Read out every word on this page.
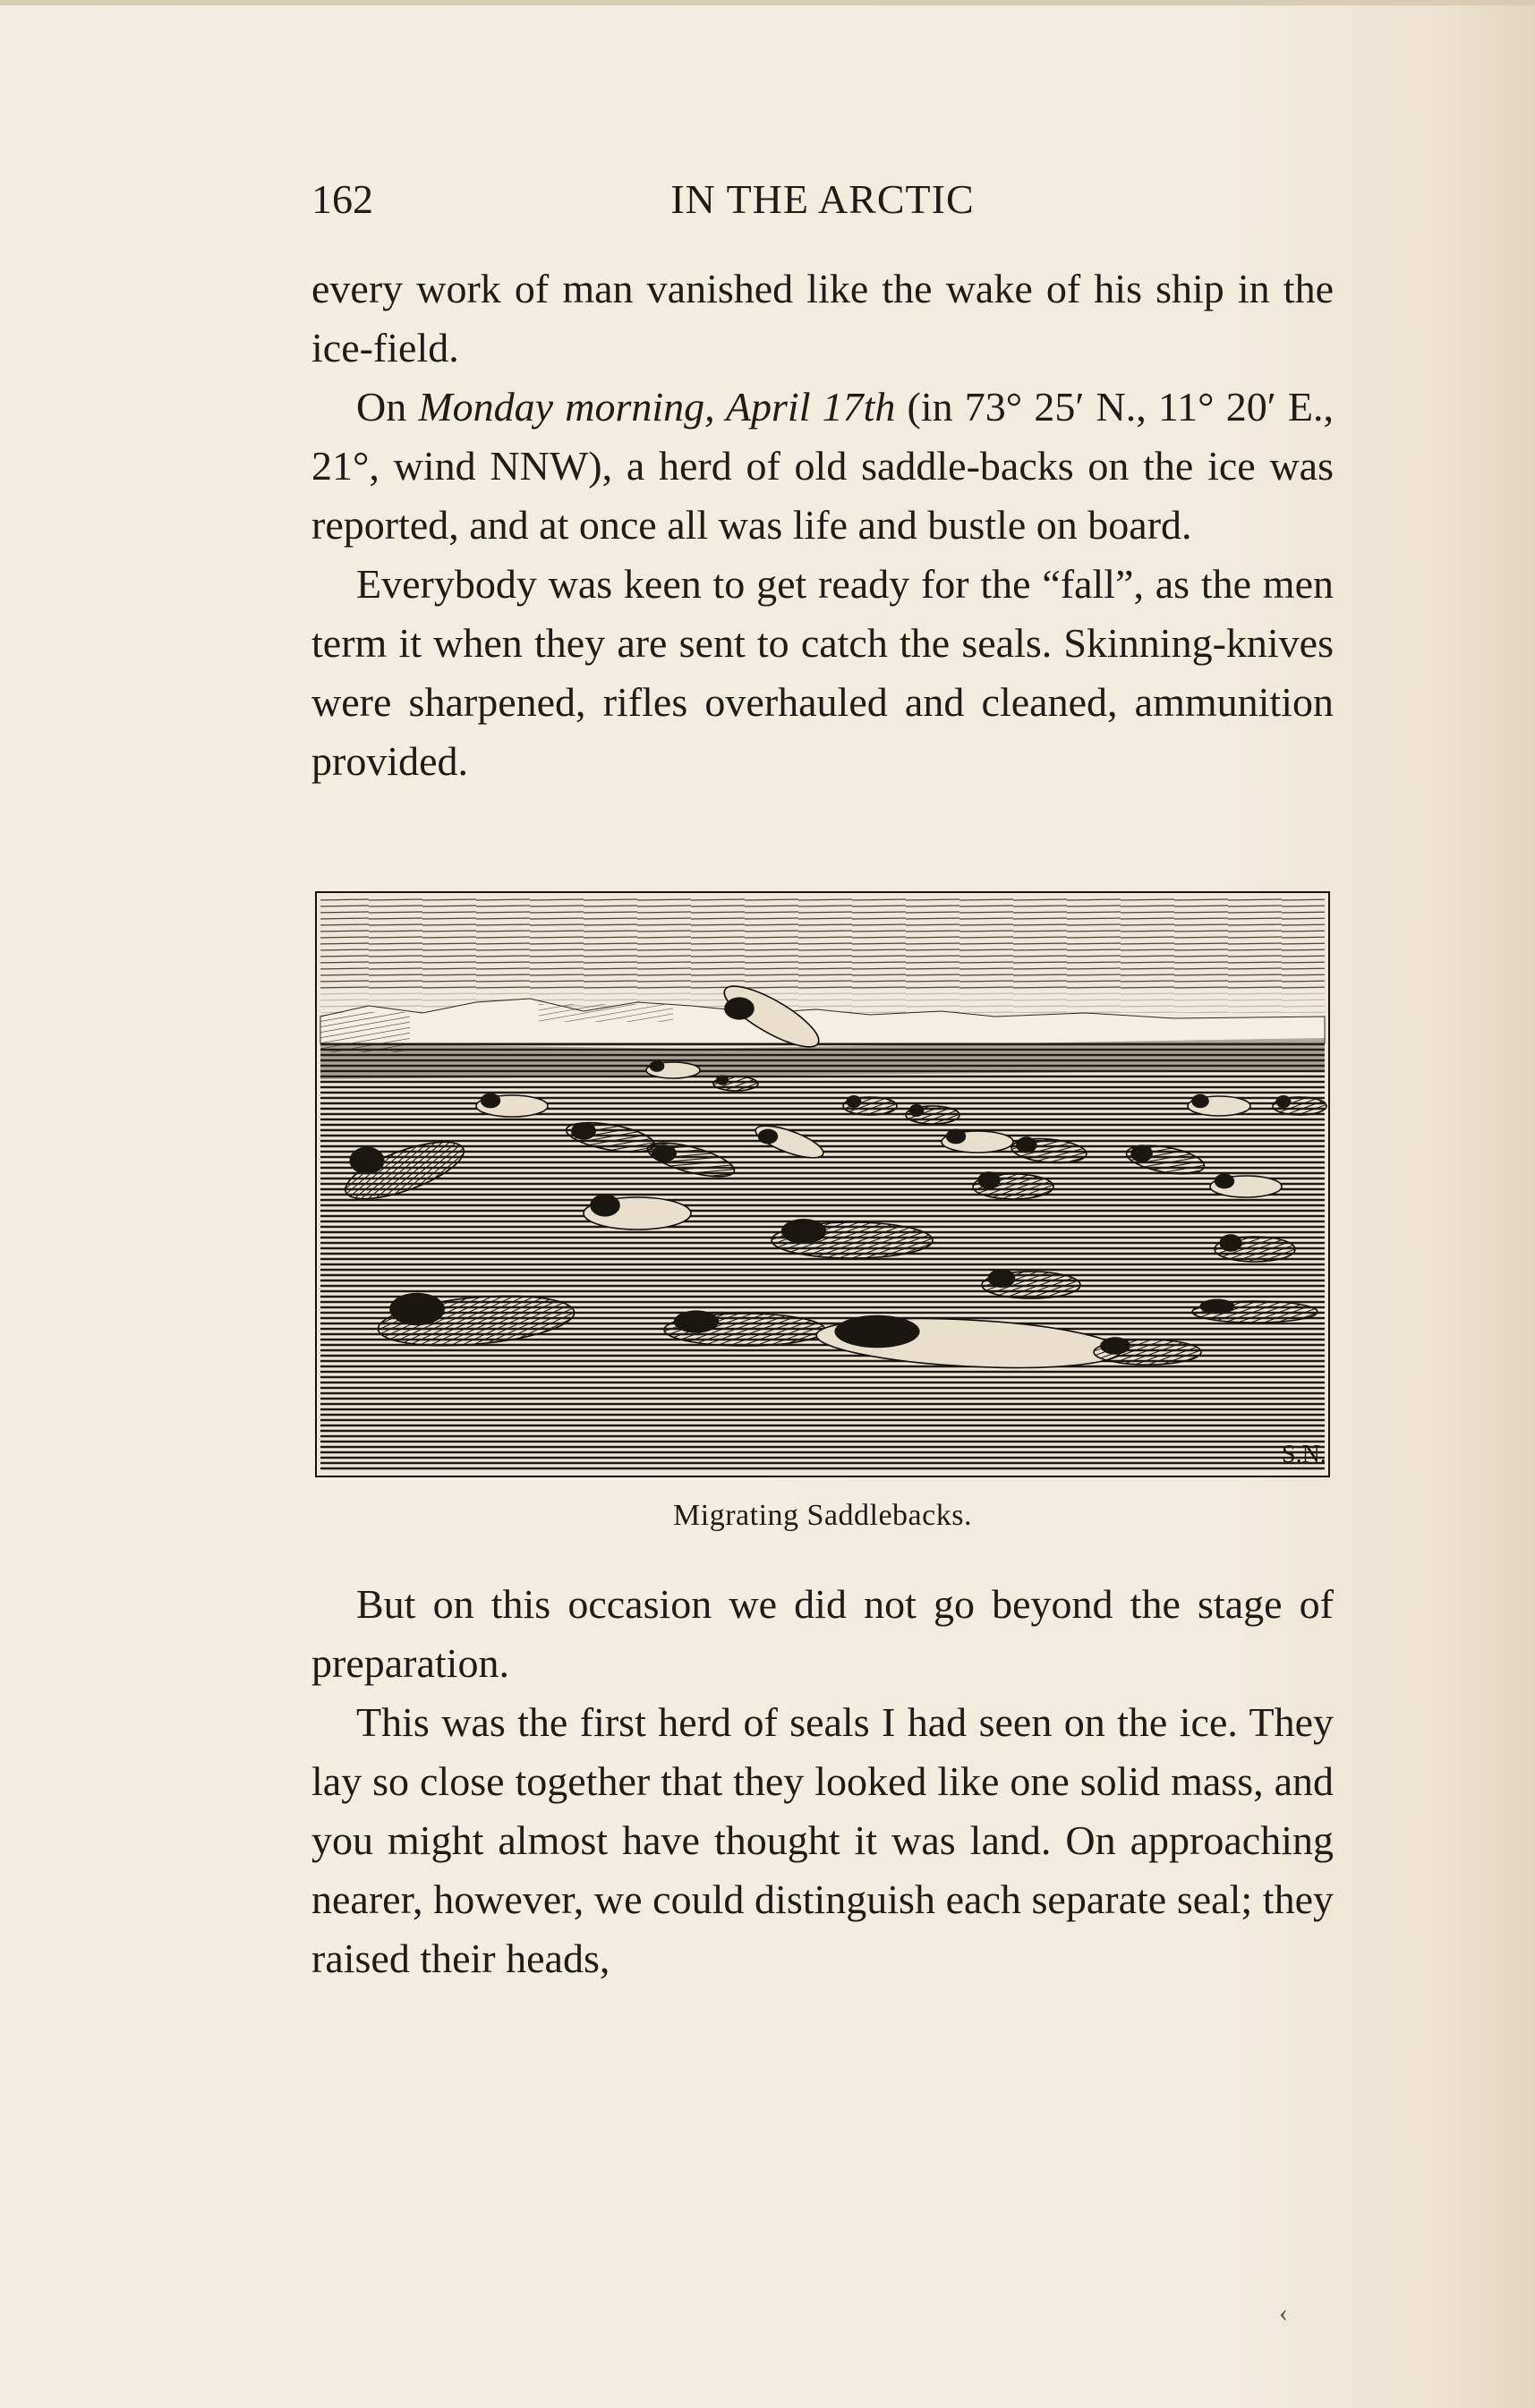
162	IN THE ARCTIC

every work of man vanished like the wake of his ship in the ice-field.

On Monday morning, April 17th (in 73° 25′ N., 11° 20′ E., 21°, wind NNW), a herd of old saddle-backs on the ice was reported, and at once all was life and bustle on board.

Everybody was keen to get ready for the “fall”, as the men term it when they are sent to catch the seals. Skinning-knives were sharpened, rifles overhauled and cleaned, ammunition provided.

S.N.
Migrating Saddlebacks.

But on this occasion we did not go beyond the stage of preparation.

This was the first herd of seals I had seen on the ice. They lay so close together that they looked like one solid mass, and you might almost have thought it was land. On approaching nearer, however, we could distinguish each separate seal; they raised their heads,

‹
